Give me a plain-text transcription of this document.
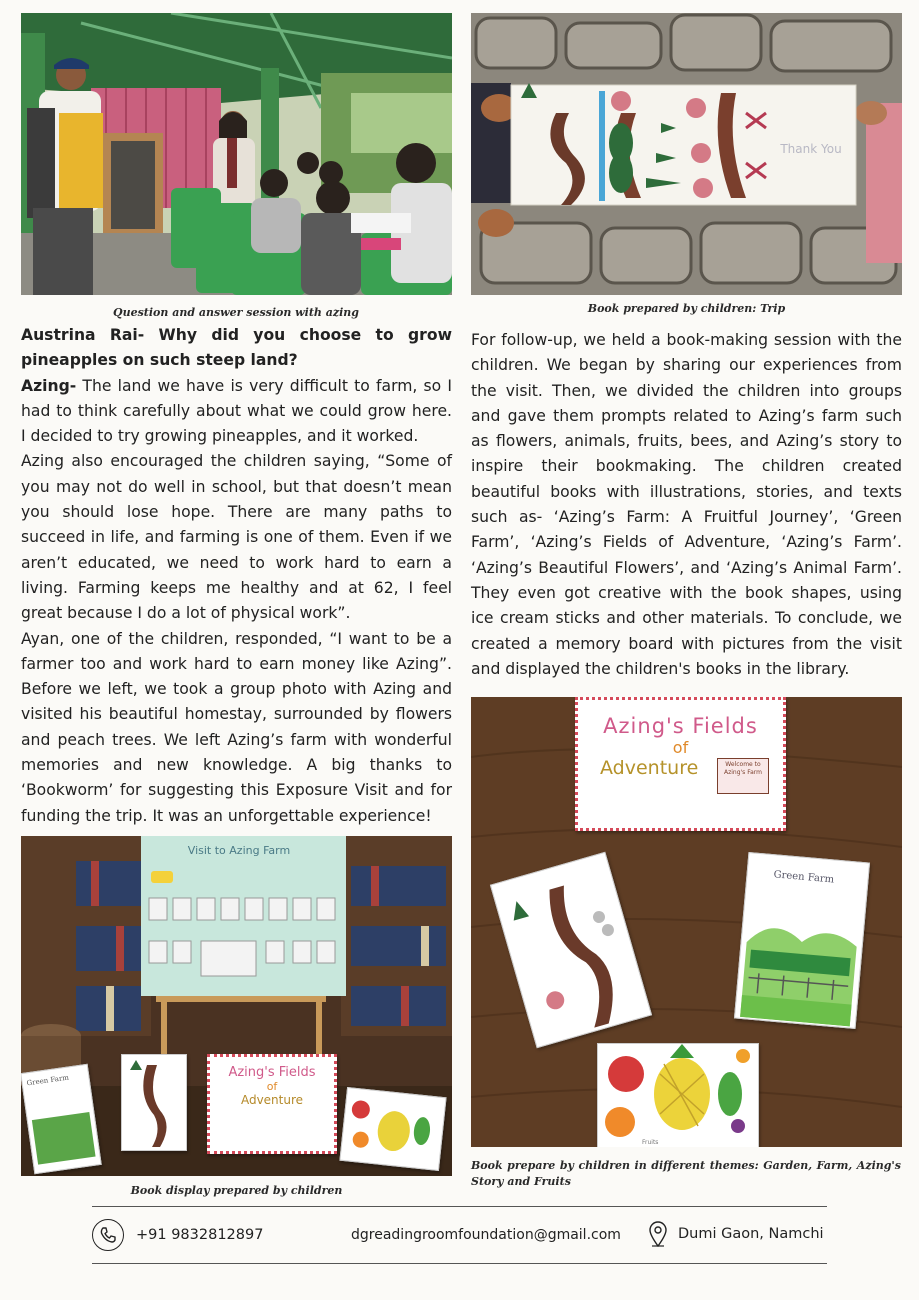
Question and answer session with azing
Thank You
Book prepared by children: Trip

Austrina Rai- Why did you choose to grow pineapples on such steep land?

Azing- The land we have is very difficult to farm, so I had to think carefully about what we could grow here. I decided to try growing pineapples, and it worked.

Azing also encouraged the children saying, “Some of you may not do well in school, but that doesn’t mean you should lose hope. There are many paths to succeed in life, and farming is one of them. Even if we aren’t educated, we need to work hard to earn a living. Farming keeps me healthy and at 62, I feel great because I do a lot of physical work”.

Ayan, one of the children, responded, “I want to be a farmer too and work hard to earn money like Azing”. Before we left, we took a group photo with Azing and visited his beautiful homestay, surrounded by flowers and peach trees. We left Azing’s farm with wonderful memories and new knowledge. A big thanks to ‘Bookworm’ for suggesting this Exposure Visit and for funding the trip. It was an unforgettable experience!

For follow-up, we held a book-making session with the children. We began by sharing our experiences from the visit. Then, we divided the children into groups and gave them prompts related to Azing’s farm such as flowers, animals, fruits, bees, and Azing’s story to inspire their bookmaking. The children created beautiful books with illustrations, stories, and texts such as- ‘Azing’s Farm: A Fruitful Journey’, ‘Green Farm’, ‘Azing’s Fields of Adventure, ‘Azing’s Farm’. ‘Azing’s Beautiful Flowers’, and ‘Azing’s Animal Farm’. They even got creative with the book shapes, using ice cream sticks and other materials. To conclude, we created a memory board with pictures from the visit and displayed the children's books in the library.

Visit to Azing Farm
Green Farm
Azing's Fields
of
Adventure
Book display prepared by children
Azing's Fields
of
Adventure	Welcome to Azing's Farm
Green Farm
Fruits
Book prepare by children in different themes: Garden, Farm, Azing's Story and Fruits
+91 9832812897	dgreadingroomfoundation@gmail.com	Dumi Gaon, Namchi
